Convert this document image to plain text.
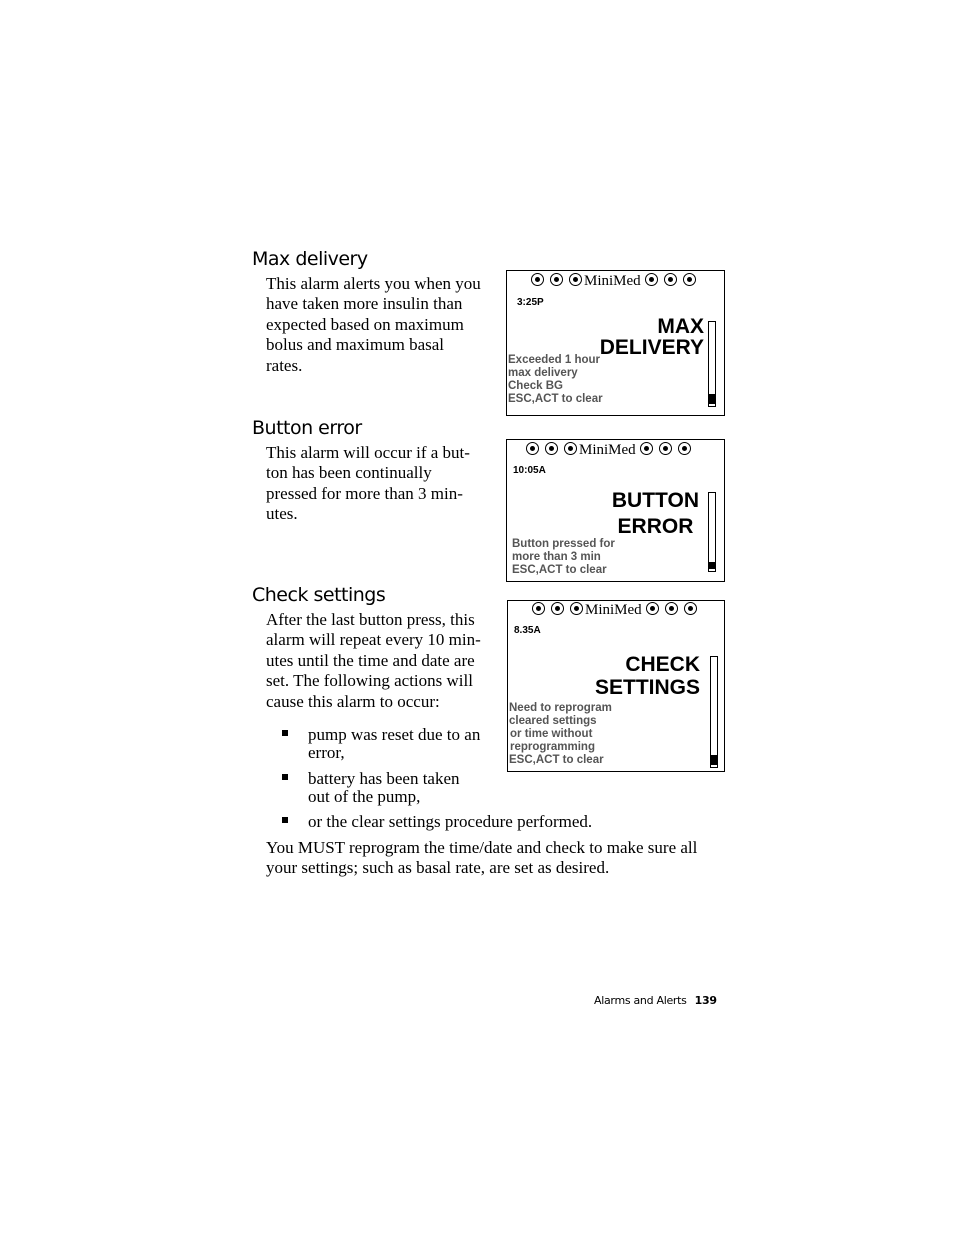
Max delivery
This alarm alerts you when you
have taken more insulin than
expected based on maximum
bolus and maximum basal
rates.
MiniMed
3:25P
MAX
DELIVERY
Exceeded 1 hour
max delivery
Check BG
ESC,ACT to clear
Button error
This alarm will occur if a but-
ton has been continually
pressed for more than 3 min-
utes.
MiniMed
10:05A
BUTTON
ERROR
Button pressed for
more than 3 min
ESC,ACT to clear
Check settings
After the last button press, this
alarm will repeat every 10 min-
utes until the time and date are
set. The following actions will
cause this alarm to occur:
MiniMed
8.35A
CHECK
SETTINGS
Need to reprogram
cleared settings
or time without
reprogramming
ESC,ACT to clear
pump was reset due to an
error,
battery has been taken
out of the pump,
or the clear settings procedure performed.
You MUST reprogram the time/date and check to make sure all
your settings; such as basal rate, are set as desired.
Alarms and Alerts 139
